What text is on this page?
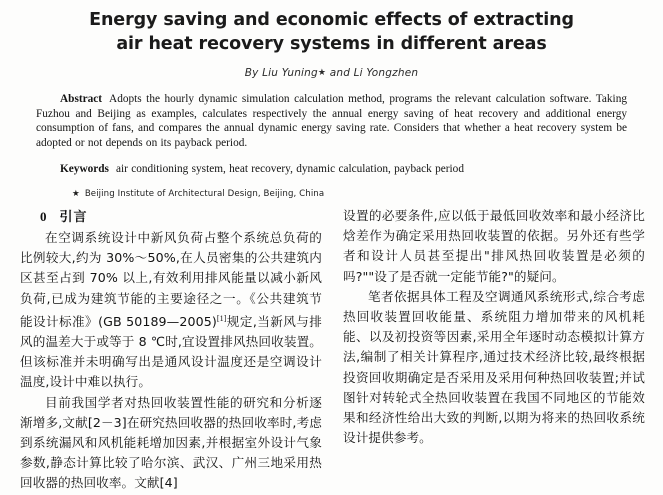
Energy saving and economic effects of extracting
air heat recovery systems in different areas
By Liu Yuning★ and Li Yongzhen

Abstract Adopts the hourly dynamic simulation calculation method, programs the relevant calculation software. Taking Fuzhou and Beijing as examples, calculates respectively the annual energy saving of heat recovery and additional energy consumption of fans, and compares the annual dynamic energy saving rate. Considers that whether a heat recovery system be adopted or not depends on its payback period.

Keywords air conditioning system, heat recovery, dynamic calculation, payback period

★ Beijing Institute of Architectural Design, Beijing, China
0 引言

在空调系统设计中新风负荷占整个系统总负荷的比例较大,约为 30%～50%,在人员密集的公共建筑内区甚至占到 70% 以上,有效利用排风能量以减小新风负荷,已成为建筑节能的主要途径之一。《公共建筑节能设计标准》(GB 50189—2005)[1]规定,当新风与排风的温差大于或等于 8 ℃时,宜设置排风热回收装置。但该标准并未明确写出是通风设计温度还是空调设计温度,设计中难以执行。

目前我国学者对热回收装置性能的研究和分析逐渐增多,文献[2－3]在研究热回收器的热回收率时,考虑到系统漏风和风机能耗增加因素,并根据室外设计气象参数,静态计算比较了哈尔滨、武汉、广州三地采用热回收器的热回收率。文献[4]

设置的必要条件,应以低于最低回收效率和最小经济比焓差作为确定采用热回收装置的依据。另外还有些学者和设计人员甚至提出"排风热回收装置是必须的吗?""设了是否就一定能节能?"的疑问。

笔者依据具体工程及空调通风系统形式,综合考虑热回收装置回收能量、系统阻力增加带来的风机耗能、以及初投资等因素,采用全年逐时动态模拟计算方法,编制了相关计算程序,通过技术经济比较,最终根据投资回收期确定是否采用及采用何种热回收装置;并试图针对转轮式全热回收装置在我国不同地区的节能效果和经济性给出大致的判断,以期为将来的热回收系统设计提供参考。
